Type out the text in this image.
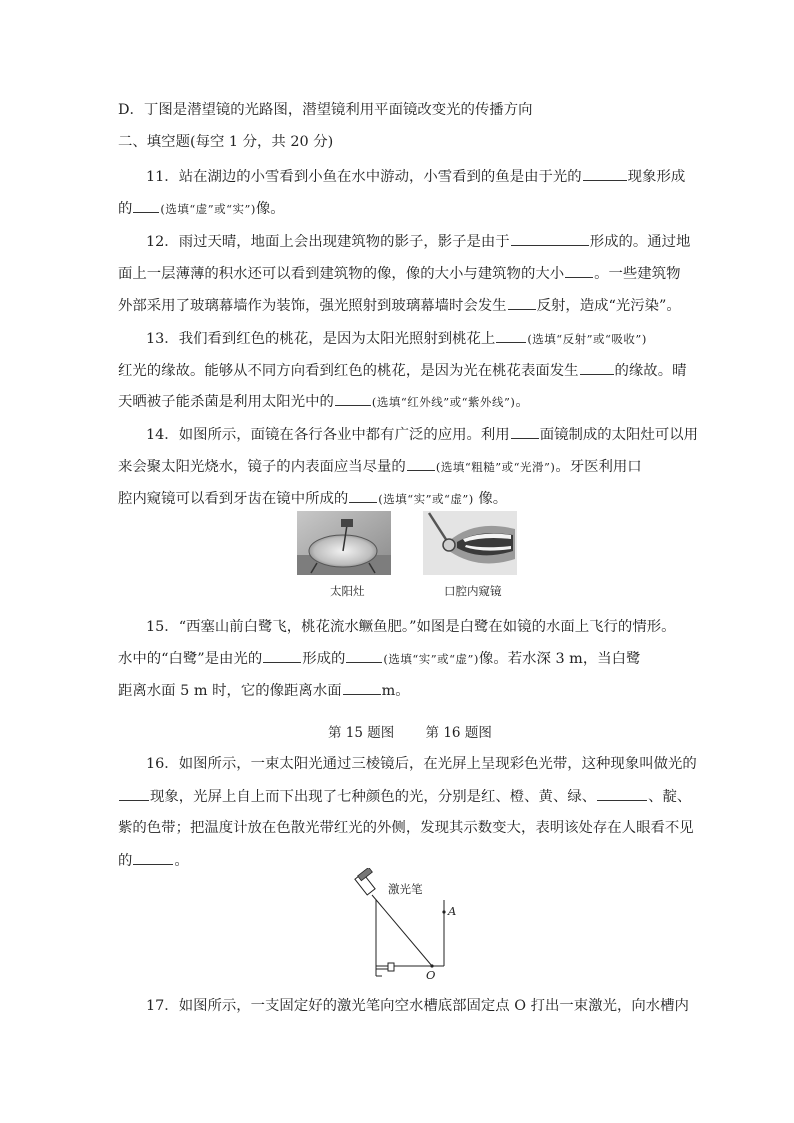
D．丁图是潜望镜的光路图，潜望镜利用平面镜改变光的传播方向
二、填空题(每空 1 分，共 20 分)
11．站在湖边的小雪看到小鱼在水中游动，小雪看到的鱼是由于光的	现象形成
的 (选填“虚”或“实”)像。
12．雨过天晴，地面上会出现建筑物的影子，影子是由于	形成的。通过地
面上一层薄薄的积水还可以看到建筑物的像，像的大小与建筑物的大小 。一些建筑物
外部采用了玻璃幕墙作为装饰，强光照射到玻璃幕墙时会发生 反射，造成“光污染”。
13．我们看到红色的桃花，是因为太阳光照射到桃花上	(选填“反射”或“吸收”)
红光的缘故。能够从不同方向看到红色的桃花，是因为光在桃花表面发生	的缘故。晴
天晒被子能杀菌是利用太阳光中的	(选填“红外线”或“紫外线”)。
14．如图所示，面镜在各行各业中都有广泛的应用。利用 面镜制成的太阳灶可以用
来会聚太阳光烧水，镜子的内表面应当尽量的	(选填“粗糙”或“光滑”)。牙医利用口
腔内窥镜可以看到牙齿在镜中所成的	(选填“实”或“虚”) 像。
太阳灶	口腔内窥镜
15．“西塞山前白鹭飞，桃花流水鳜鱼肥。”如图是白鹭在如镜的水面上飞行的情形。
水中的“白鹭”是由光的	形成的	(选填“实”或“虚”)像。若水深 3 m，当白鹭
距离水面 5 m 时，它的像距离水面	m。
第 15 题图　　 第 16 题图
16．如图所示，一束太阳光通过三棱镜后，在光屏上呈现彩色光带，这种现象叫做光的
现象，光屏上自上而下出现了七种颜色的光，分别是红、橙、黄、绿、	、靛、
紫的色带；把温度计放在色散光带红光的外侧，发现其示数变大，表明该处存在人眼看不见
的	。
激光笔
A
O
17．如图所示，一支固定好的激光笔向空水槽底部固定点 O 打出一束激光，向水槽内
